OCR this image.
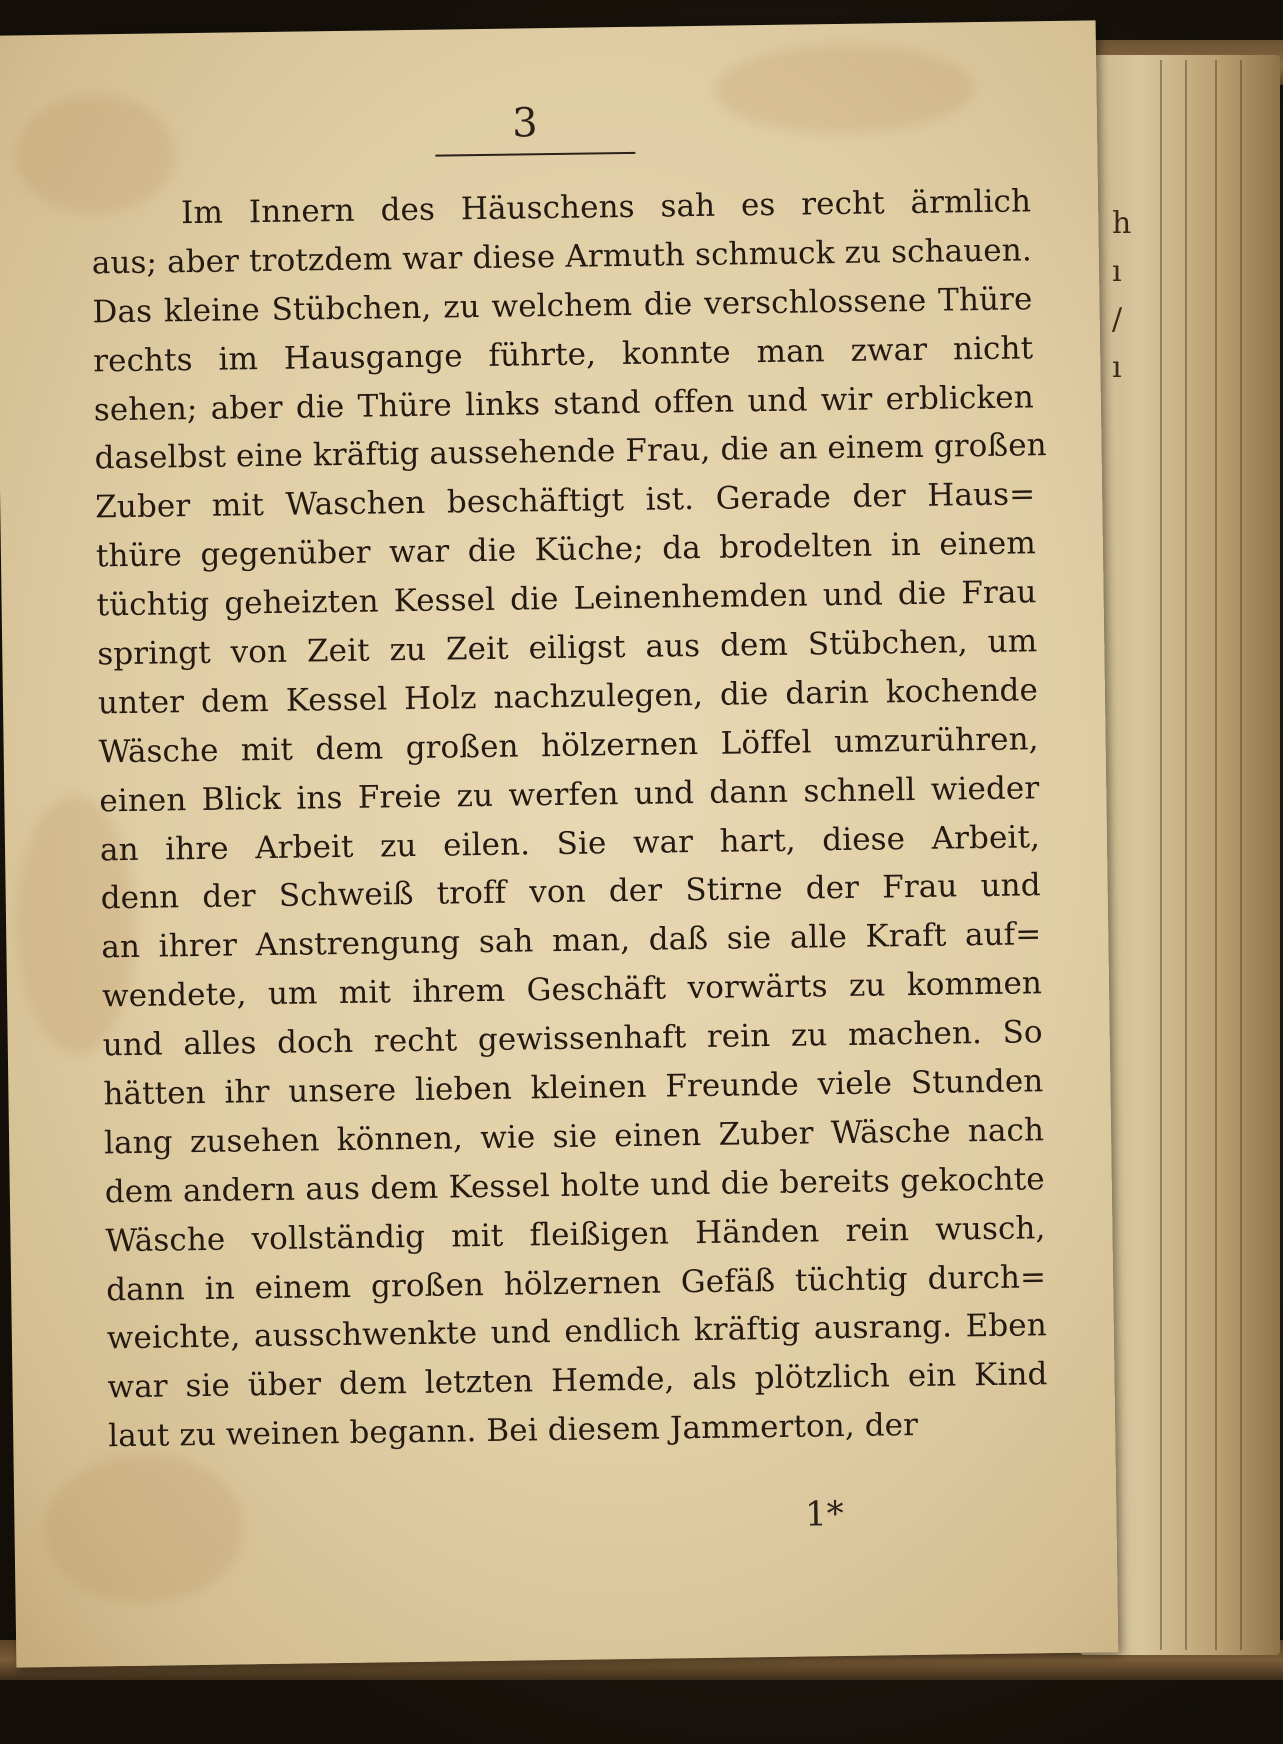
h
ı
/
ı
3
Im Innern des Häuschens sah es recht ärmlich
aus; aber trotzdem war diese Armuth schmuck zu schauen.
Das kleine Stübchen, zu welchem die verschlossene Thüre
rechts im Hausgange führte, konnte man zwar nicht
sehen; aber die Thüre links stand offen und wir erblicken
daselbst eine kräftig aussehende Frau, die an einem großen
Zuber mit Waschen beschäftigt ist. Gerade der Haus=
thüre gegenüber war die Küche; da brodelten in einem
tüchtig geheizten Kessel die Leinenhemden und die Frau
springt von Zeit zu Zeit eiligst aus dem Stübchen, um
unter dem Kessel Holz nachzulegen, die darin kochende
Wäsche mit dem großen hölzernen Löffel umzurühren,
einen Blick ins Freie zu werfen und dann schnell wieder
an ihre Arbeit zu eilen. Sie war hart, diese Arbeit,
denn der Schweiß troff von der Stirne der Frau und
an ihrer Anstrengung sah man, daß sie alle Kraft auf=
wendete, um mit ihrem Geschäft vorwärts zu kommen
und alles doch recht gewissenhaft rein zu machen. So
hätten ihr unsere lieben kleinen Freunde viele Stunden
lang zusehen können, wie sie einen Zuber Wäsche nach
dem andern aus dem Kessel holte und die bereits gekochte
Wäsche vollständig mit fleißigen Händen rein wusch,
dann in einem großen hölzernen Gefäß tüchtig durch=
weichte, ausschwenkte und endlich kräftig ausrang. Eben
war sie über dem letzten Hemde, als plötzlich ein Kind
laut zu weinen begann. Bei diesem Jammerton, der
1*
